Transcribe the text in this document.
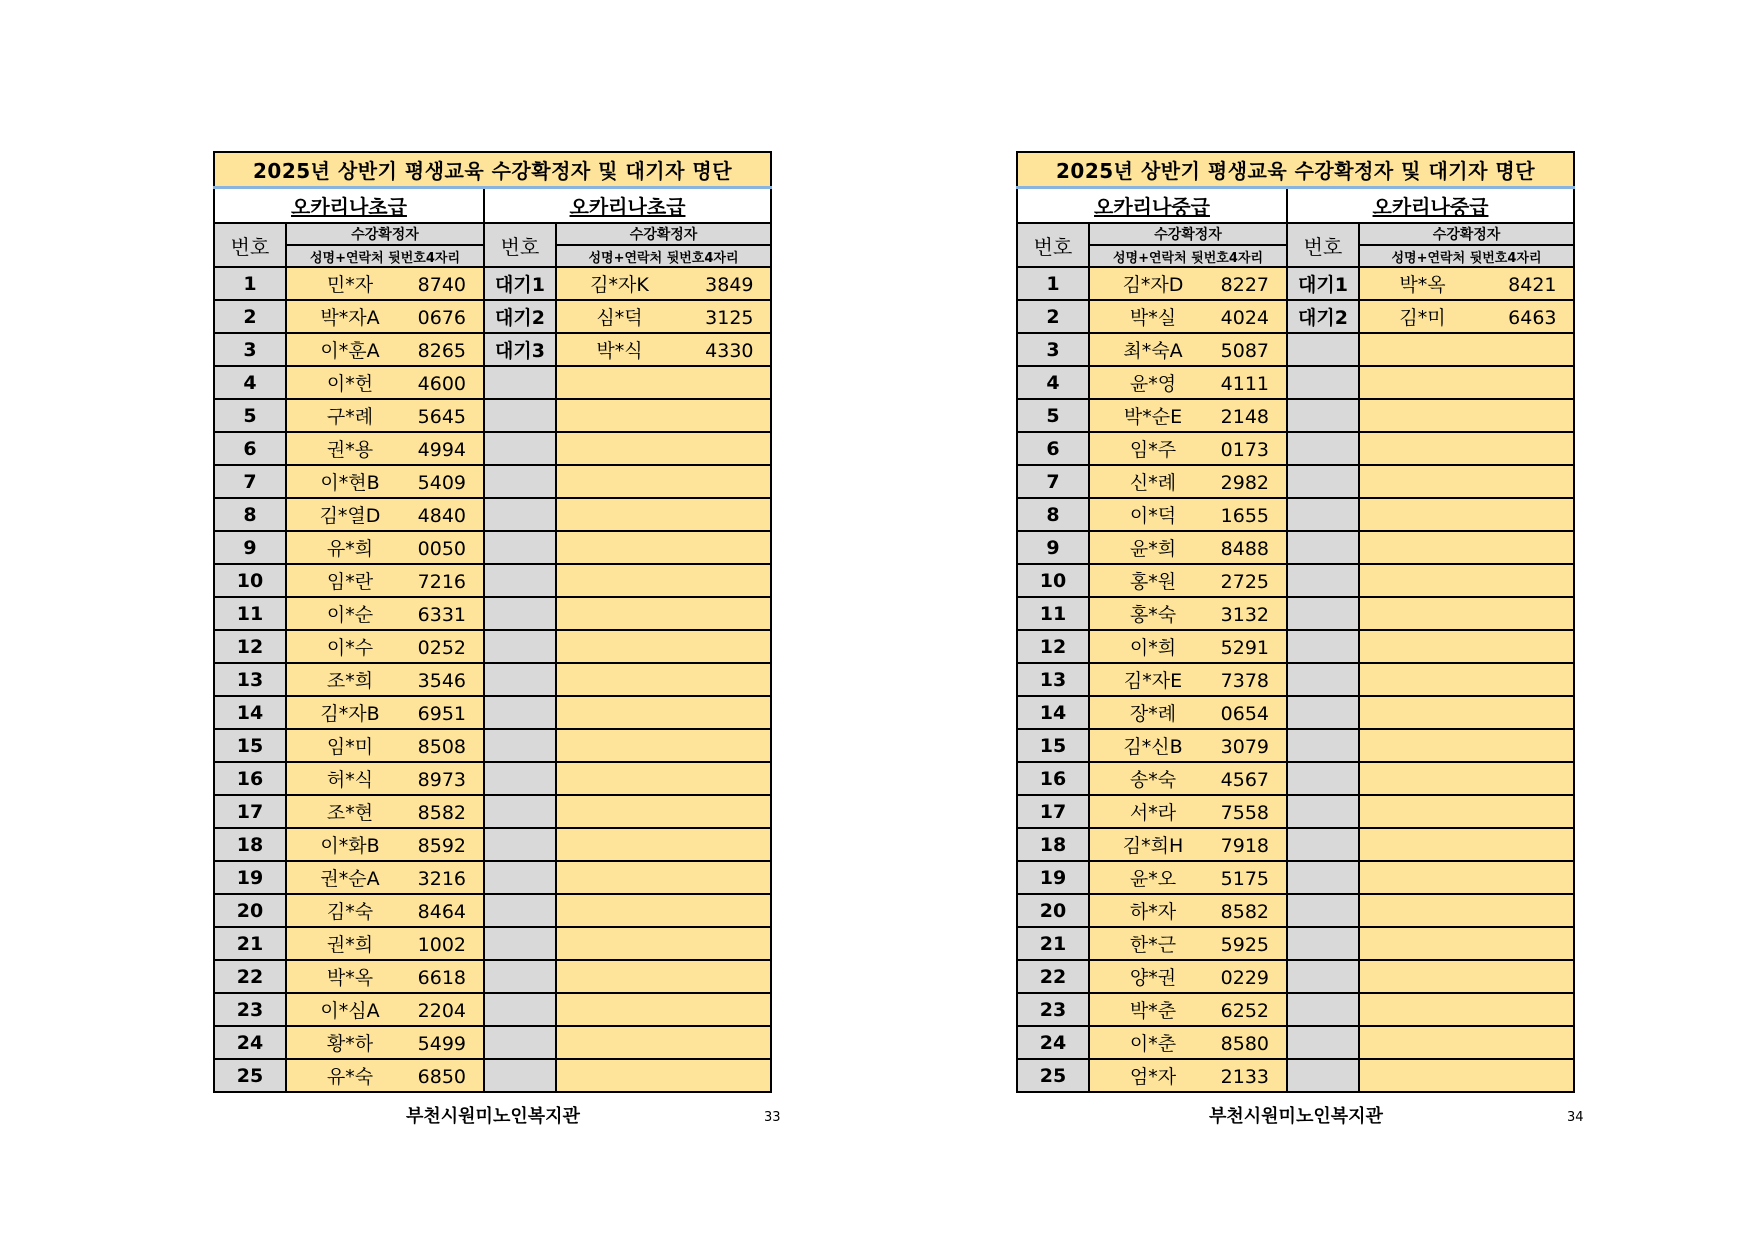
2025년 상반기 평생교육 수강확정자 및 대기자 명단			
오카리나초급		오카리나초급	
번호	수강확정자	번호	수강확정자
	성명+연락처 뒷번호4자리		성명+연락처 뒷번호4자리
1	민*자 8740	대기1	김*자K 3849
2	박*자A 0676	대기2	심*덕 3125
3	이*훈A 8265	대기3	박*식 4330
4	이*헌 4600		
5	구*례 5645		
6	권*용 4994		
7	이*현B 5409		
8	김*열D 4840		
9	유*희 0050		
10	임*란 7216		
11	이*순 6331		
12	이*수 0252		
13	조*희 3546		
14	김*자B 6951		
15	임*미 8508		
16	허*식 8973		
17	조*현 8582		
18	이*화B 8592		
19	권*순A 3216		
20	김*숙 8464		
21	권*희 1002		
22	박*옥 6618		
23	이*심A 2204		
24	황*하 5499		
25	유*숙 6850		
부천시원미노인복지관	33
2025년 상반기 평생교육 수강확정자 및 대기자 명단			
오카리나중급		오카리나중급	
번호	수강확정자	번호	수강확정자
	성명+연락처 뒷번호4자리		성명+연락처 뒷번호4자리
1	김*자D 8227	대기1	박*옥 8421
2	박*실 4024	대기2	김*미 6463
3	최*숙A 5087		
4	윤*영 4111		
5	박*순E 2148		
6	임*주 0173		
7	신*례 2982		
8	이*덕 1655		
9	윤*희 8488		
10	홍*원 2725		
11	홍*숙 3132		
12	이*희 5291		
13	김*자E 7378		
14	장*례 0654		
15	김*신B 3079		
16	송*숙 4567		
17	서*라 7558		
18	김*희H 7918		
19	윤*오 5175		
20	하*자 8582		
21	한*근 5925		
22	양*권 0229		
23	박*춘 6252		
24	이*춘 8580		
25	엄*자 2133		
부천시원미노인복지관	34
